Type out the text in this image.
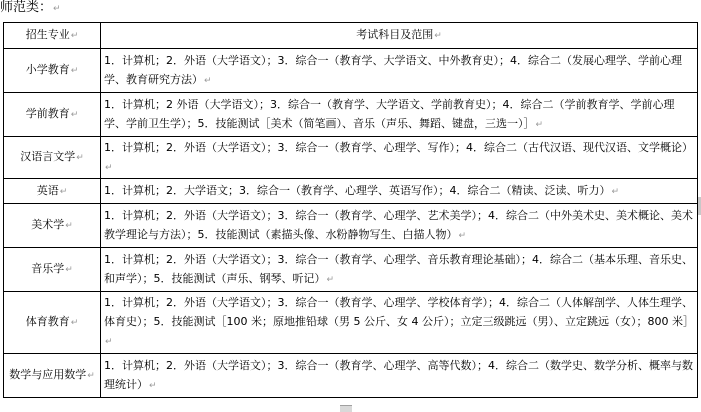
师范类：↵
招生专业↵	考试科目及范围↵
小学教育↵	1．计算机；2．外语（大学语文）；3．综合一（教育学、大学语文、中外教育史）；4．综合二（发展心理学、学前心理学、教育研究方法）↵
学前教育↵	1．计算机；2 外语（大学语文）；3．综合一（教育学、大学语文、学前教育史）；4．综合二（学前教育学、学前心理学、学前卫生学）；5．技能测试［美术（简笔画）、音乐（声乐、舞蹈、键盘，三选一）］↵
汉语言文学↵	1．计算机；2．外语（大学语文）；3．综合一（教育学、心理学、写作）；4．综合二（古代汉语、现代汉语、文学概论）↵
英语↵	1．计算机；2．大学语文；3．综合一（教育学、心理学、英语写作）；4．综合二（精读、泛读、听力）↵
美术学↵	1．计算机；2．外语（大学语文）；3．综合一（教育学、心理学、艺术美学）；4．综合二（中外美术史、美术概论、美术教学理论与方法）；5．技能测试（素描头像、水粉静物写生、白描人物）↵
音乐学↵	1．计算机；2．外语（大学语文）；3．综合一（教育学、心理学、音乐教育理论基础）；4．综合二（基本乐理、音乐史、和声学）；5．技能测试（声乐、钢琴、听记）↵
体育教育↵	1．计算机；2．外语（大学语文）；3．综合一（教育学、心理学、学校体育学）；4．综合二（人体解剖学、人体生理学、体育史）；5．技能测试［100 米；原地推铅球（男 5 公斤、女 4 公斤）；立定三级跳远（男）、立定跳远（女）；800 米］↵
数学与应用数学↵	1．计算机；2．外语（大学语文）；3．综合一（教育学、心理学、高等代数）；4．综合二（数学史、数学分析、概率与数理统计）↵
